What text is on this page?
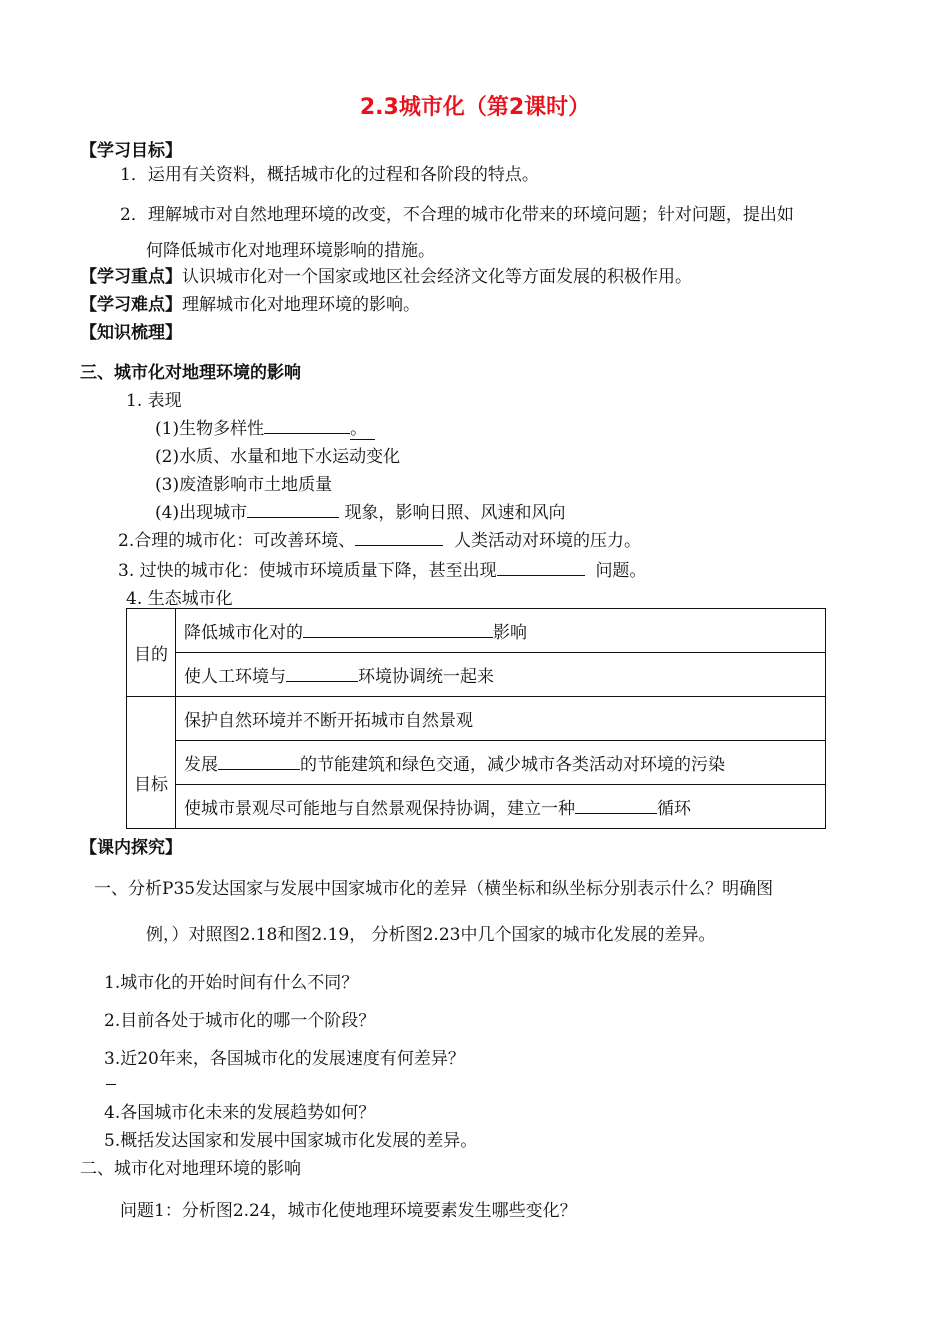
2.3城市化（第2课时）
【学习目标】
1．运用有关资料，概括城市化的过程和各阶段的特点。
2．理解城市对自然地理环境的改变，不合理的城市化带来的环境问题；针对问题，提出如
何降低城市化对地理环境影响的措施。
【学习重点】认识城市化对一个国家或地区社会经济文化等方面发展的积极作用。
【学习难点】理解城市化对地理环境的影响。
【知识梳理】
三、城市化对地理环境的影响
1. 表现
(1)生物多样性	。
(2)水质、水量和地下水运动变化
(3)废渣影响市土地质量
(4)出现城市	现象，影响日照、风速和风向
2.合理的城市化：可改善环境、	人类活动对环境的压力。
3. 过快的城市化：使城市环境质量下降，甚至出现	问题。
4. 生态城市化
目的	降低城市化对的 影响
	使人工环境与 环境协调统一起来
目标	保护自然环境并不断开拓城市自然景观
	发展 的节能建筑和绿色交通，减少城市各类活动对环境的污染
	使城市景观尽可能地与自然景观保持协调，建立一种 循环
【课内探究】
一、分析P35发达国家与发展中国家城市化的差异（横坐标和纵坐标分别表示什么？明确图
例，）对照图2.18和图2.19， 分析图2.23中几个国家的城市化发展的差异。
1.城市化的开始时间有什么不同？
2.目前各处于城市化的哪一个阶段？
3.近20年来，各国城市化的发展速度有何差异？
4.各国城市化未来的发展趋势如何？
5.概括发达国家和发展中国家城市化发展的差异。
二、城市化对地理环境的影响
问题1：分析图2.24，城市化使地理环境要素发生哪些变化？
